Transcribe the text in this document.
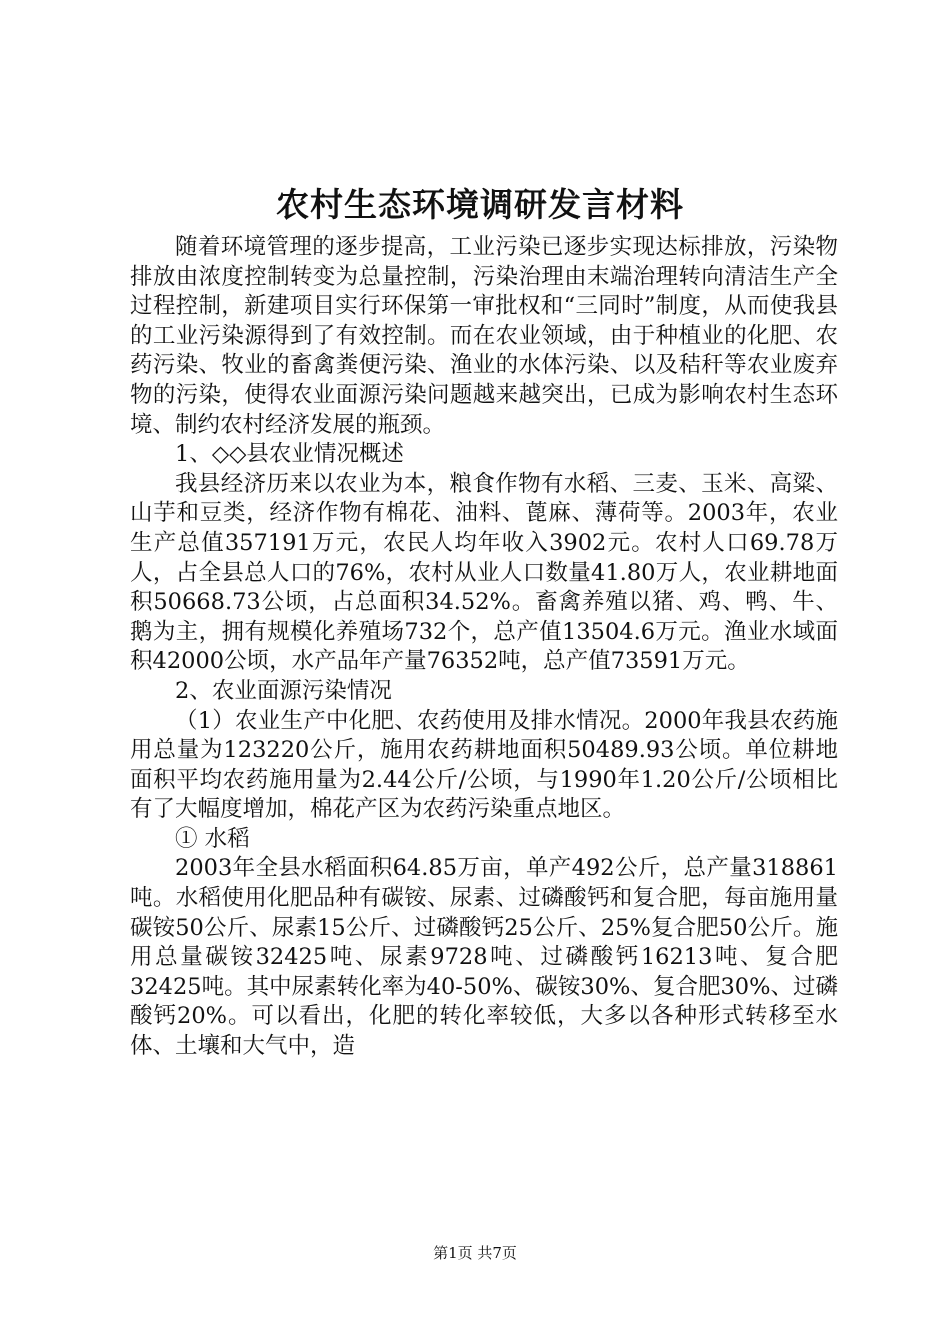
农村生态环境调研发言材料

随着环境管理的逐步提高，工业污染已逐步实现达标排放，污染物排放由浓度控制转变为总量控制，污染治理由末端治理转向清洁生产全过程控制，新建项目实行环保第一审批权和“三同时”制度，从而使我县的工业污染源得到了有效控制。而在农业领域，由于种植业的化肥、农药污染、牧业的畜禽粪便污染、渔业的水体污染、以及秸秆等农业废弃物的污染，使得农业面源污染问题越来越突出，已成为影响农村生态环境、制约农村经济发展的瓶颈。

1、◇◇县农业情况概述

我县经济历来以农业为本，粮食作物有水稻、三麦、玉米、高粱、山芋和豆类，经济作物有棉花、油料、蓖麻、薄荷等。2003年，农业生产总值357191万元，农民人均年收入3902元。农村人口69.78万人，占全县总人口的76%，农村从业人口数量41.80万人，农业耕地面积50668.73公顷，占总面积34.52%。畜禽养殖以猪、鸡、鸭、牛、鹅为主，拥有规模化养殖场732个，总产值13504.6万元。渔业水域面积42000公顷，水产品年产量76352吨，总产值73591万元。

2、农业面源污染情况

（1）农业生产中化肥、农药使用及排水情况。2000年我县农药施用总量为123220公斤，施用农药耕地面积50489.93公顷。单位耕地面积平均农药施用量为2.44公斤/公顷，与1990年1.20公斤/公顷相比有了大幅度增加，棉花产区为农药污染重点地区。

① 水稻

2003年全县水稻面积64.85万亩，单产492公斤，总产量318861吨。水稻使用化肥品种有碳铵、尿素、过磷酸钙和复合肥，每亩施用量碳铵50公斤、尿素15公斤、过磷酸钙25公斤、25%复合肥50公斤。施用总量碳铵32425吨、尿素9728吨、过磷酸钙16213吨、复合肥32425吨。其中尿素转化率为40-50%、碳铵30%、复合肥30%、过磷酸钙20%。可以看出，化肥的转化率较低，大多以各种形式转移至水体、土壤和大气中，造

第1页 共7页
